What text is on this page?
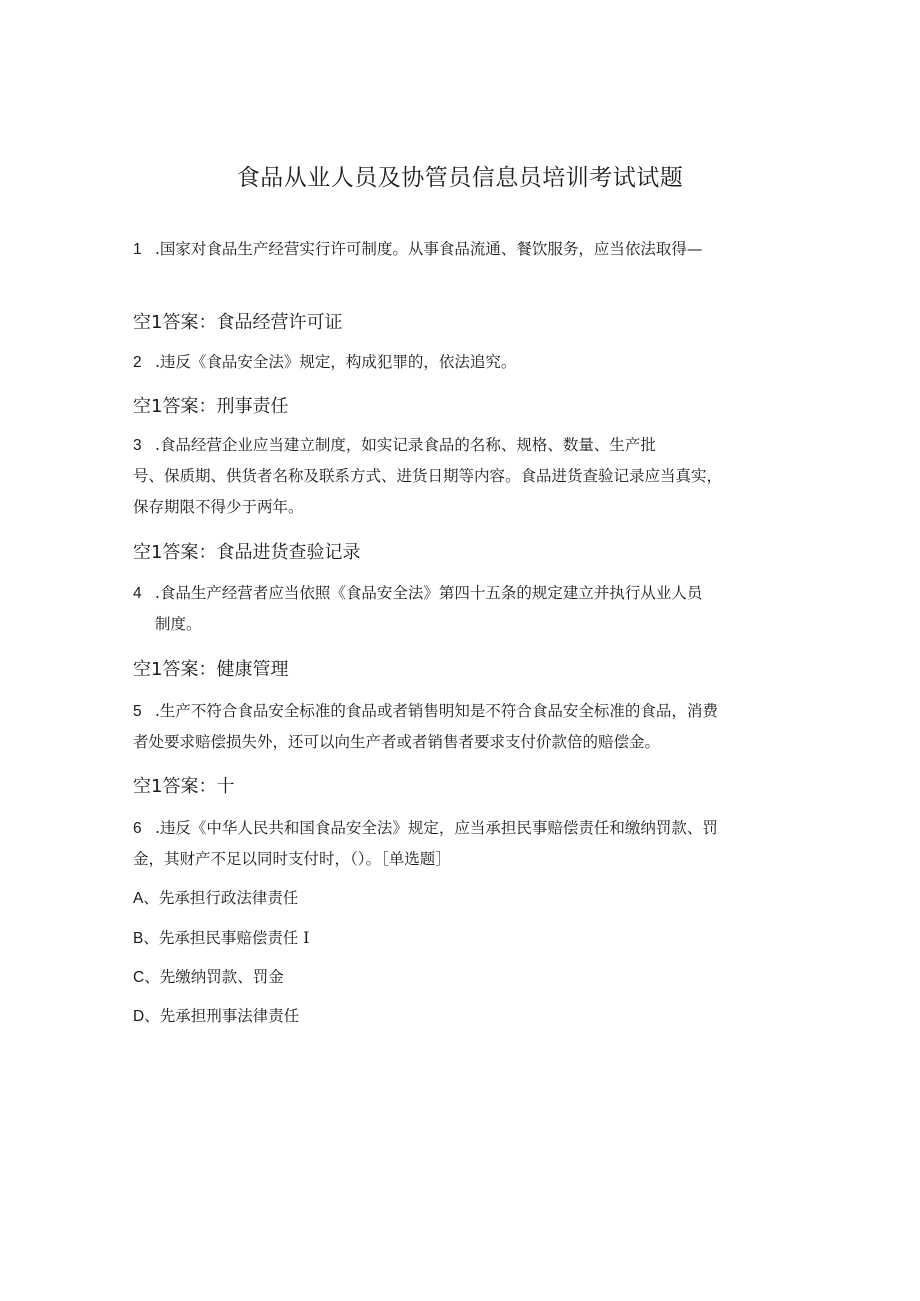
食品从业人员及协管员信息员培训考试试题
1 .国家对食品生产经营实行许可制度。从事食品流通、餐饮服务，应当依法取得—
空1答案：食品经营许可证
2 .违反《食品安全法》规定，构成犯罪的，依法追究。
空1答案：刑事责任
3 .食品经营企业应当建立制度，如实记录食品的名称、规格、数量、生产批
号、保质期、供货者名称及联系方式、进货日期等内容。食品进货查验记录应当真实，
保存期限不得少于两年。
空1答案：食品进货查验记录
4 .食品生产经营者应当依照《食品安全法》第四十五条的规定建立并执行从业人员
制度。
空1答案：健康管理
5 .生产不符合食品安全标准的食品或者销售明知是不符合食品安全标准的食品，消费
者处要求赔偿损失外，还可以向生产者或者销售者要求支付价款倍的赔偿金。
空1答案：十
6 .违反《中华人民共和国食品安全法》规定，应当承担民事赔偿责任和缴纳罚款、罚
金，其财产不足以同时支付时，（）。［单选题］
A、先承担行政法律责任
B、先承担民事赔偿责任 I
C、先缴纳罚款、罚金
D、先承担刑事法律责任
